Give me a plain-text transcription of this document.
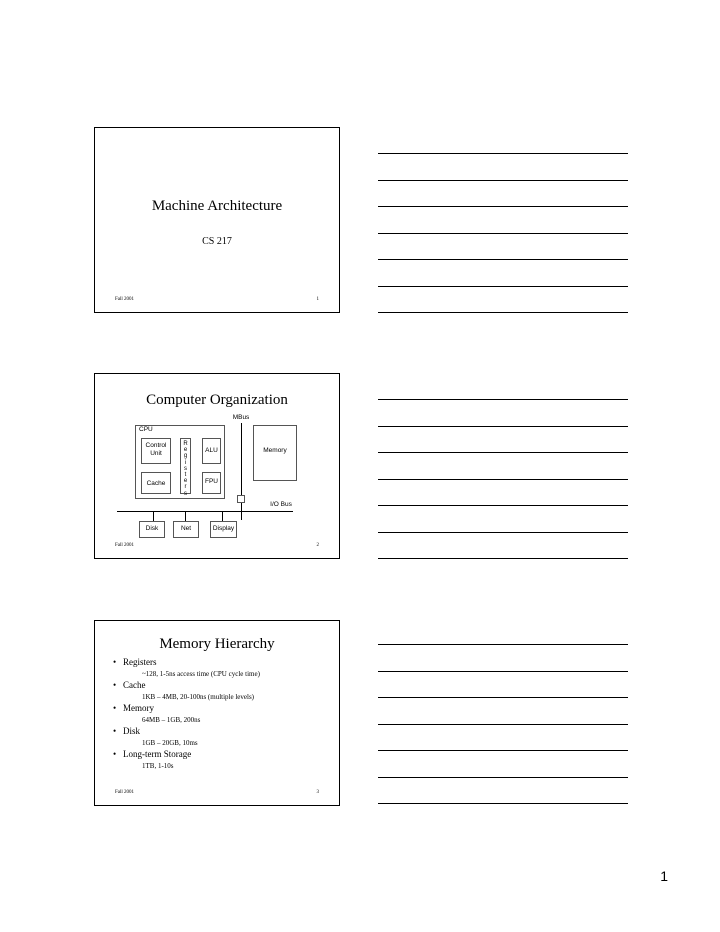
Machine Architecture
CS 217
Fall 2001	1
Computer Organization
MBus
CPU
Control
Unit
R
e
g
i
s
t
e
r
s
ALU
Cache	FPU
Memory
I/O Bus
Disk	Net	Display
Fall 2001	2
Memory Hierarchy
• Registers
~128, 1-5ns access time (CPU cycle time)
• Cache
1KB – 4MB, 20-100ns (multiple levels)
• Memory
64MB – 1GB, 200ns
• Disk
1GB – 20GB, 10ms
• Long-term Storage
1TB, 1-10s
Fall 2001	3
1
